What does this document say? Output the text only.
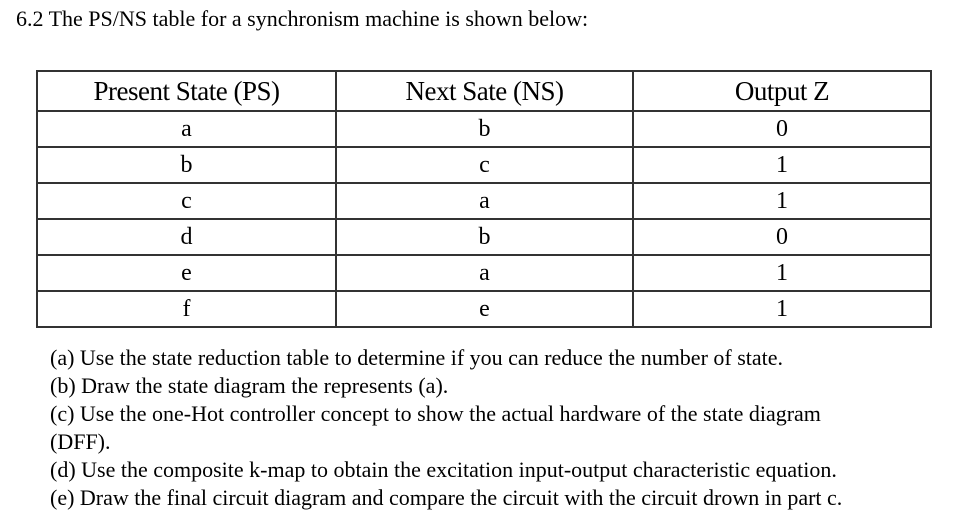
6.2 The PS/NS table for a synchronism machine is shown below:
Present State (PS)	Next Sate (NS)	Output Z
a	b	0
b	c	1
c	a	1
d	b	0
e	a	1
f	e	1
(a) Use the state reduction table to determine if you can reduce the number of state.
(b) Draw the state diagram the represents (a).
(c) Use the one-Hot controller concept to show the actual hardware of the state diagram
(DFF).
(d) Use the composite k-map to obtain the excitation input-output characteristic equation.
(e) Draw the final circuit diagram and compare the circuit with the circuit drown in part c.
